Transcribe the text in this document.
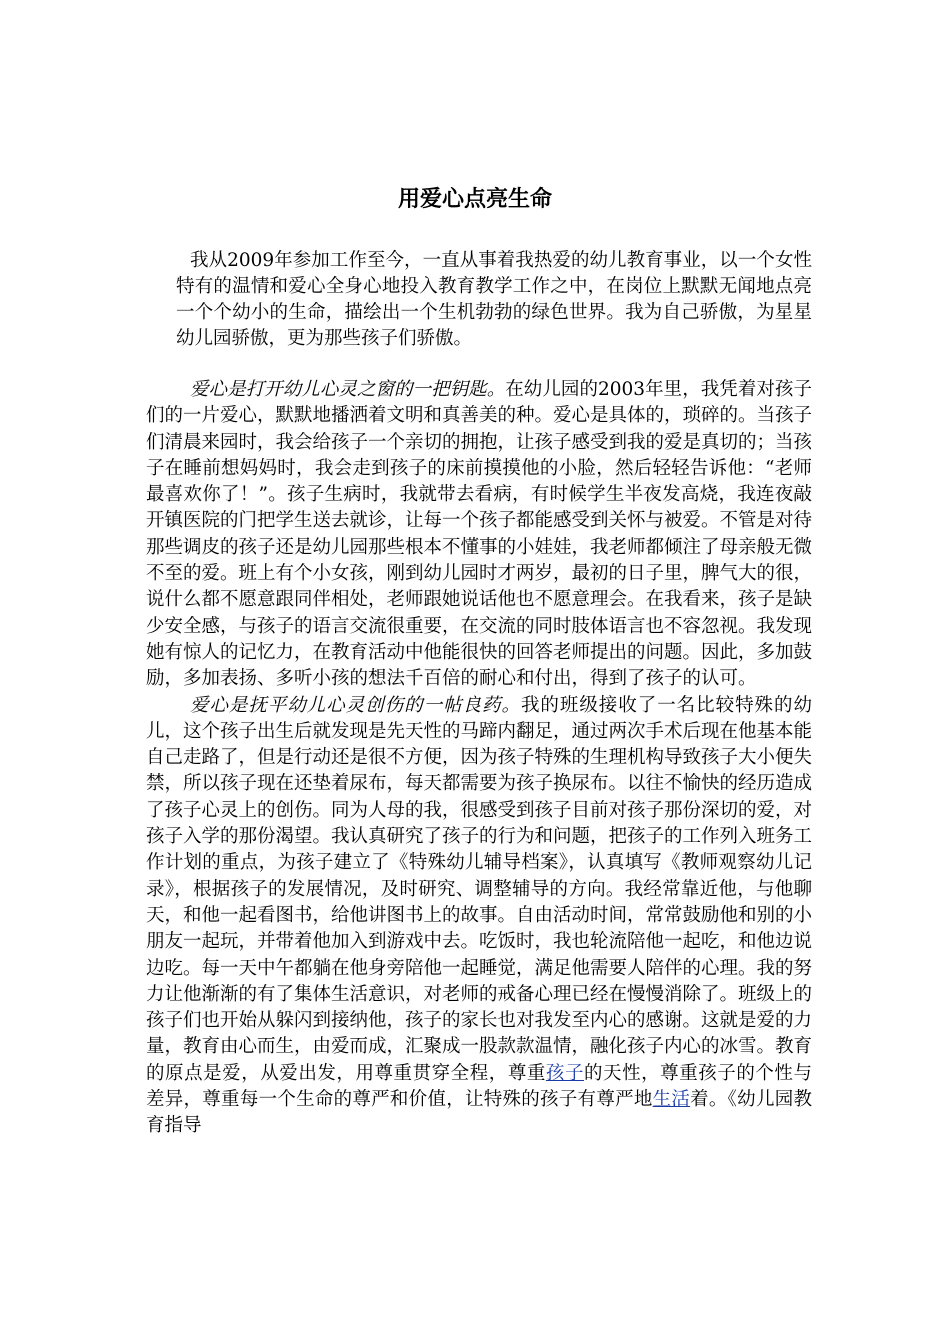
用爱心点亮生命

我从2009年参加工作至今，一直从事着我热爱的幼儿教育事业，以一个女性特有的温情和爱心全身心地投入教育教学工作之中，在岗位上默默无闻地点亮一个个幼小的生命，描绘出一个生机勃勃的绿色世界。我为自己骄傲，为星星幼儿园骄傲，更为那些孩子们骄傲。

爱心是打开幼儿心灵之窗的一把钥匙。在幼儿园的2003年里，我凭着对孩子们的一片爱心，默默地播洒着文明和真善美的种。爱心是具体的，琐碎的。当孩子们清晨来园时，我会给孩子一个亲切的拥抱，让孩子感受到我的爱是真切的；当孩子在睡前想妈妈时，我会走到孩子的床前摸摸他的小脸，然后轻轻告诉他：“老师最喜欢你了！”。孩子生病时，我就带去看病，有时候学生半夜发高烧，我连夜敲开镇医院的门把学生送去就诊，让每一个孩子都能感受到关怀与被爱。不管是对待那些调皮的孩子还是幼儿园那些根本不懂事的小娃娃，我老师都倾注了母亲般无微不至的爱。班上有个小女孩，刚到幼儿园时才两岁，最初的日子里，脾气大的很，说什么都不愿意跟同伴相处，老师跟她说话他也不愿意理会。在我看来，孩子是缺少安全感，与孩子的语言交流很重要，在交流的同时肢体语言也不容忽视。我发现她有惊人的记忆力，在教育活动中他能很快的回答老师提出的问题。因此，多加鼓励，多加表扬、多听小孩的想法千百倍的耐心和付出，得到了孩子的认可。

爱心是抚平幼儿心灵创伤的一帖良药。我的班级接收了一名比较特殊的幼儿，这个孩子出生后就发现是先天性的马蹄内翻足，通过两次手术后现在他基本能自己走路了，但是行动还是很不方便，因为孩子特殊的生理机构导致孩子大小便失禁，所以孩子现在还垫着尿布，每天都需要为孩子换尿布。以往不愉快的经历造成了孩子心灵上的创伤。同为人母的我，很感受到孩子目前对孩子那份深切的爱，对孩子入学的那份渴望。我认真研究了孩子的行为和问题，把孩子的工作列入班务工作计划的重点，为孩子建立了《特殊幼儿辅导档案》，认真填写《教师观察幼儿记录》，根据孩子的发展情况，及时研究、调整辅导的方向。我经常靠近他，与他聊天，和他一起看图书，给他讲图书上的故事。自由活动时间，常常鼓励他和别的小朋友一起玩，并带着他加入到游戏中去。吃饭时，我也轮流陪他一起吃，和他边说边吃。每一天中午都躺在他身旁陪他一起睡觉，满足他需要人陪伴的心理。我的努力让他渐渐的有了集体生活意识，对老师的戒备心理已经在慢慢消除了。班级上的孩子们也开始从躲闪到接纳他，孩子的家长也对我发至内心的感谢。这就是爱的力量，教育由心而生，由爱而成，汇聚成一股款款温情，融化孩子内心的冰雪。教育的原点是爱，从爱出发，用尊重贯穿全程，尊重孩子的天性，尊重孩子的个性与差异，尊重每一个生命的尊严和价值，让特殊的孩子有尊严地生活着。《幼儿园教育指导
